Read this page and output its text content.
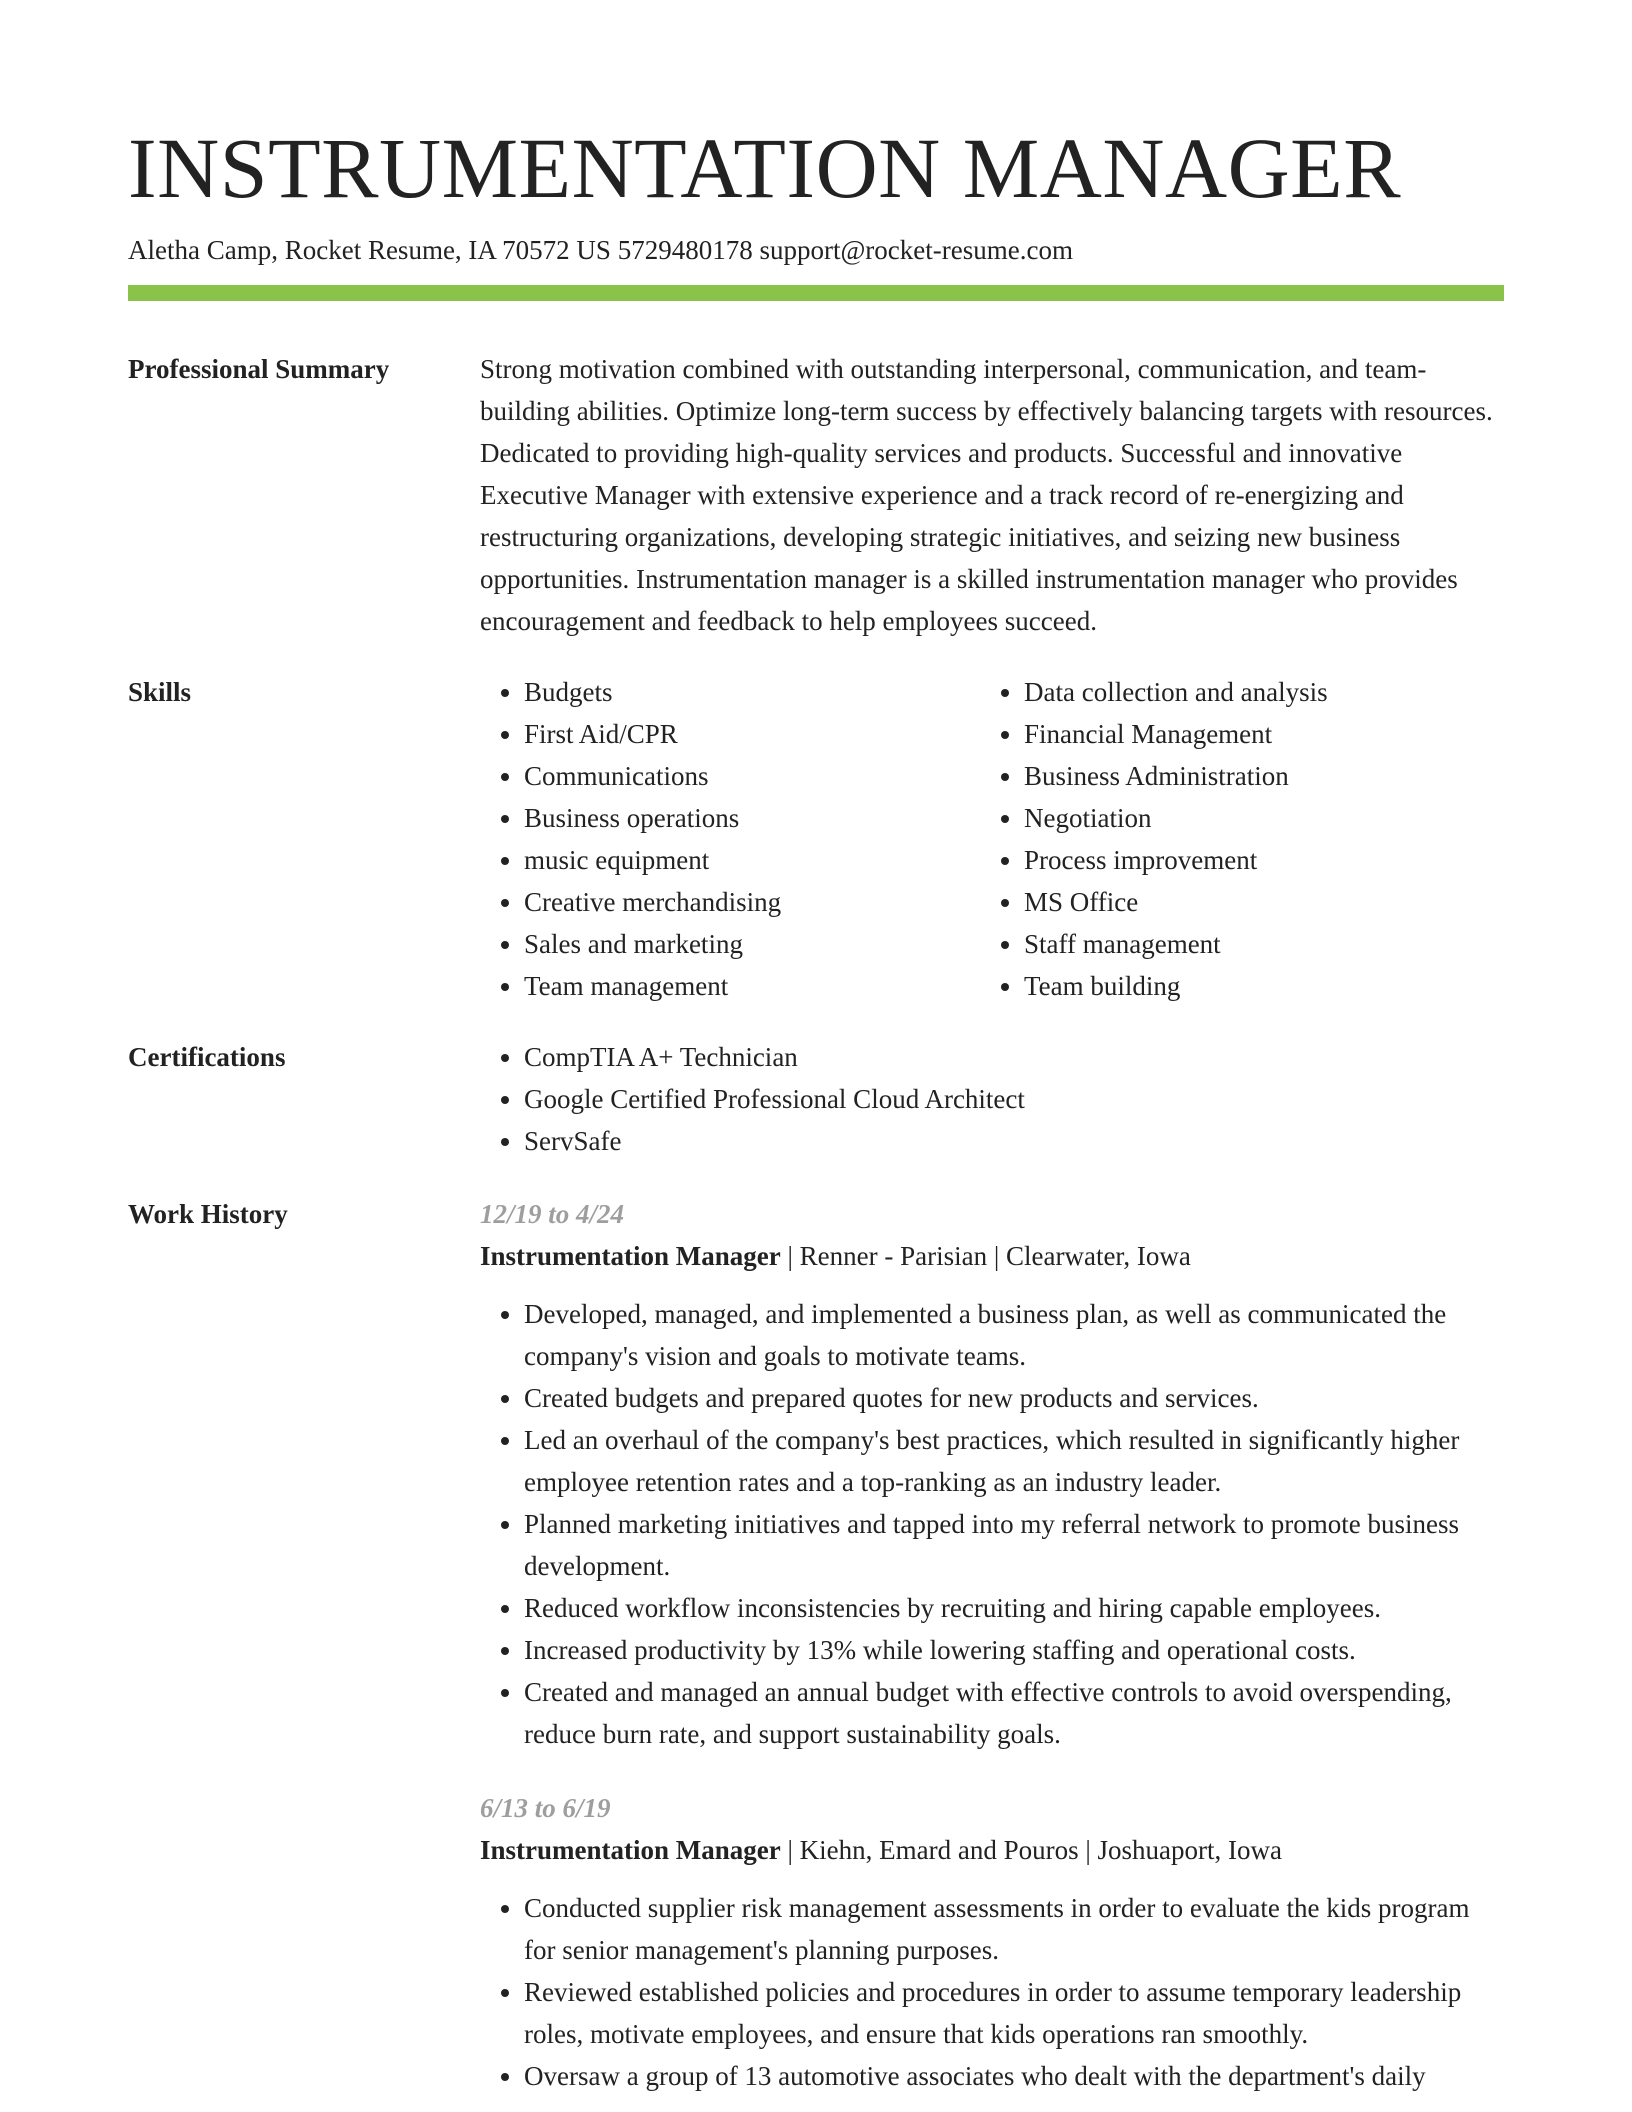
INSTRUMENTATION MANAGER
Aletha Camp, Rocket Resume, IA 70572 US 5729480178 support@rocket-resume.com
Professional Summary	Strong motivation combined with outstanding interpersonal, communication, and team-building abilities. Optimize long-term success by effectively balancing targets with resources. Dedicated to providing high-quality services and products. Successful and innovative Executive Manager with extensive experience and a track record of re-energizing and restructuring organizations, developing strategic initiatives, and seizing new business opportunities. Instrumentation manager is a skilled instrumentation manager who provides encouragement and feedback to help employees succeed.

Skills	• Budgets
• First Aid/CPR
• Communications
• Business operations
• music equipment
• Creative merchandising
• Sales and marketing
• Team management
• Data collection and analysis
• Financial Management
• Business Administration
• Negotiation
• Process improvement
• MS Office
• Staff management
• Team building
Certifications	• CompTIA A+ Technician
• Google Certified Professional Cloud Architect
• ServSafe
Work History	12/19 to 4/24

Instrumentation Manager | Renner - Parisian | Clearwater, Iowa

• Developed, managed, and implemented a business plan, as well as communicated the company's vision and goals to motivate teams.
• Created budgets and prepared quotes for new products and services.
• Led an overhaul of the company's best practices, which resulted in significantly higher employee retention rates and a top-ranking as an industry leader.
• Planned marketing initiatives and tapped into my referral network to promote business development.
• Reduced workflow inconsistencies by recruiting and hiring capable employees.
• Increased productivity by 13% while lowering staffing and operational costs.
• Created and managed an annual budget with effective controls to avoid overspending, reduce burn rate, and support sustainability goals.

6/13 to 6/19

Instrumentation Manager | Kiehn, Emard and Pouros | Joshuaport, Iowa

• Conducted supplier risk management assessments in order to evaluate the kids program for senior management's planning purposes.
• Reviewed established policies and procedures in order to assume temporary leadership roles, motivate employees, and ensure that kids operations ran smoothly.
• Oversaw a group of 13 automotive associates who dealt with the department's daily
